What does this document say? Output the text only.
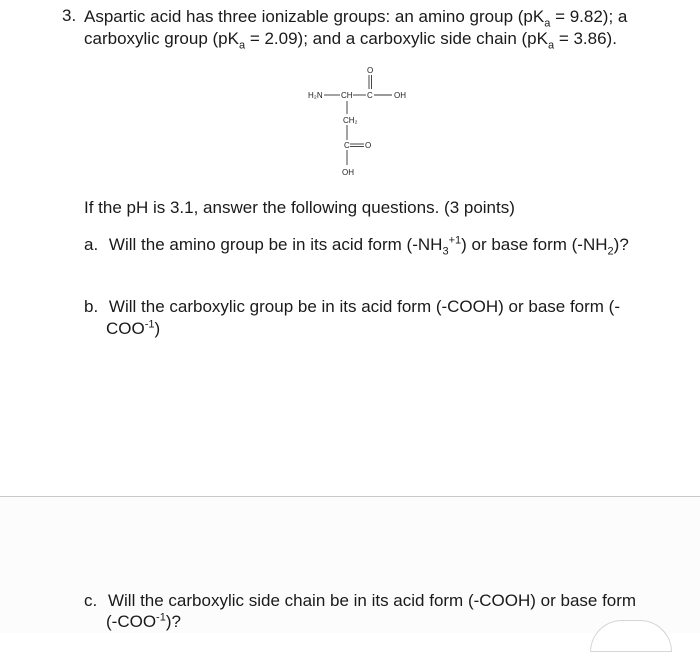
3. Aspartic acid has three ionizable groups: an amino group $(pK_a = 9.82)$; a
carboxylic group $(pK_a = 2.09)$; and a carboxylic side chain $(pK_a = 3.86)$.
H₂N CH C	OH
O
CH₂
C O
OH
If the pH is 3.1, answer the following questions. (3 points)
a. Will the amino group be in its acid form $(-NH_3^{+1})$ or base form $(-NH_2)$?
b. Will the carboxylic group be in its acid form (-COOH) or base form (-
$COO^{-1}$)
c. Will the carboxylic side chain be in its acid form (-COOH) or base form
$(-COO^{-1})$?
